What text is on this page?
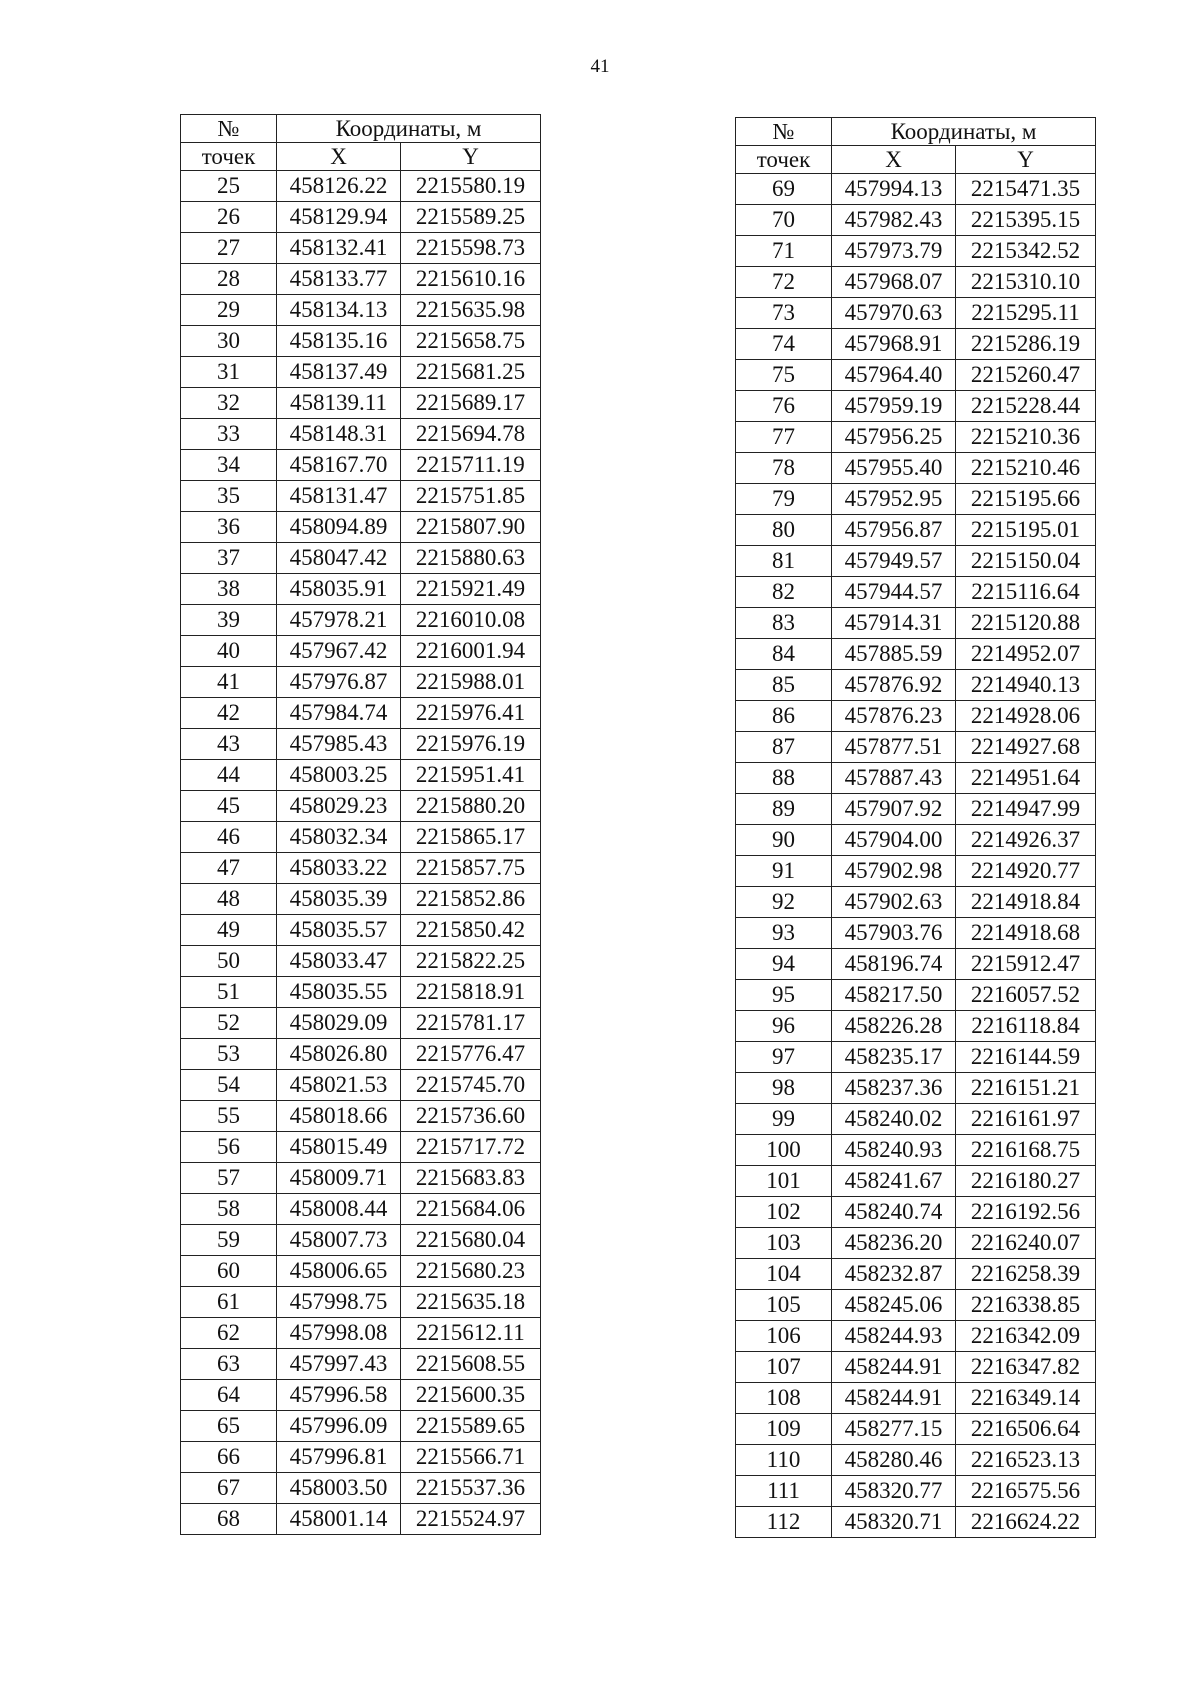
41
№	Координаты, м	
точек	X	Y
25	458126.22	2215580.19
26	458129.94	2215589.25
27	458132.41	2215598.73
28	458133.77	2215610.16
29	458134.13	2215635.98
30	458135.16	2215658.75
31	458137.49	2215681.25
32	458139.11	2215689.17
33	458148.31	2215694.78
34	458167.70	2215711.19
35	458131.47	2215751.85
36	458094.89	2215807.90
37	458047.42	2215880.63
38	458035.91	2215921.49
39	457978.21	2216010.08
40	457967.42	2216001.94
41	457976.87	2215988.01
42	457984.74	2215976.41
43	457985.43	2215976.19
44	458003.25	2215951.41
45	458029.23	2215880.20
46	458032.34	2215865.17
47	458033.22	2215857.75
48	458035.39	2215852.86
49	458035.57	2215850.42
50	458033.47	2215822.25
51	458035.55	2215818.91
52	458029.09	2215781.17
53	458026.80	2215776.47
54	458021.53	2215745.70
55	458018.66	2215736.60
56	458015.49	2215717.72
57	458009.71	2215683.83
58	458008.44	2215684.06
59	458007.73	2215680.04
60	458006.65	2215680.23
61	457998.75	2215635.18
62	457998.08	2215612.11
63	457997.43	2215608.55
64	457996.58	2215600.35
65	457996.09	2215589.65
66	457996.81	2215566.71
67	458003.50	2215537.36
68	458001.14	2215524.97
№	Координаты, м	
точек	X	Y
69	457994.13	2215471.35
70	457982.43	2215395.15
71	457973.79	2215342.52
72	457968.07	2215310.10
73	457970.63	2215295.11
74	457968.91	2215286.19
75	457964.40	2215260.47
76	457959.19	2215228.44
77	457956.25	2215210.36
78	457955.40	2215210.46
79	457952.95	2215195.66
80	457956.87	2215195.01
81	457949.57	2215150.04
82	457944.57	2215116.64
83	457914.31	2215120.88
84	457885.59	2214952.07
85	457876.92	2214940.13
86	457876.23	2214928.06
87	457877.51	2214927.68
88	457887.43	2214951.64
89	457907.92	2214947.99
90	457904.00	2214926.37
91	457902.98	2214920.77
92	457902.63	2214918.84
93	457903.76	2214918.68
94	458196.74	2215912.47
95	458217.50	2216057.52
96	458226.28	2216118.84
97	458235.17	2216144.59
98	458237.36	2216151.21
99	458240.02	2216161.97
100	458240.93	2216168.75
101	458241.67	2216180.27
102	458240.74	2216192.56
103	458236.20	2216240.07
104	458232.87	2216258.39
105	458245.06	2216338.85
106	458244.93	2216342.09
107	458244.91	2216347.82
108	458244.91	2216349.14
109	458277.15	2216506.64
110	458280.46	2216523.13
111	458320.77	2216575.56
112	458320.71	2216624.22
